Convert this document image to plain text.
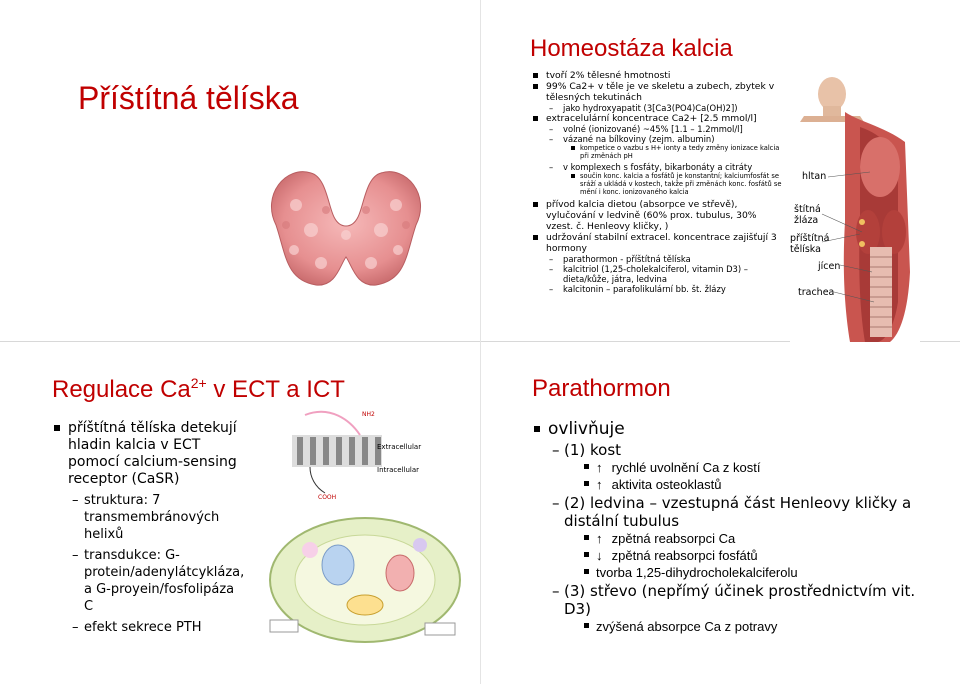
Příštítná tělíska
Homeostáza kalcia
tvoří 2% tělesné hmotnosti
99% Ca2+ v těle je ve skeletu a zubech, zbytek v tělesných tekutinách
– jako hydroxyapatit (3[Ca3(PO4)Ca(OH)2])
extracelulární koncentrace Ca2+ [2.5 mmol/l]
– volné (ionizované) ~45% [1.1 – 1.2mmol/l]
– vázané na bílkoviny (zejm. albumin)
kompetice o vazbu s H+ ionty a tedy změny ionizace kalcia při změnách pH
– v komplexech s fosfáty, bikarbonáty a citráty
součin konc. kalcia a fosfátů je konstantní; kalciumfosfát se sráží a ukládá v kostech, takže při změnách konc. fosfátů se mění i konc. ionizovaného kalcia
přívod kalcia dietou (absorpce ve střevě), vylučování v ledvině (60% prox. tubulus, 30% vzest. č. Henleovy kličky, )
udržování stabilní extracel. koncentrace zajišťují 3 hormony
– parathormon - příštítná tělíska
– kalcitriol (1,25-cholekalciferol, vitamin D3) – dieta/kůže, játra, ledvina
– kalcitonin – parafolikulární bb. št. žlázy
hltan
štítná žláza
příštítná tělíska
jícen
trachea
Regulace $Ca^{2+}$ v ECT a ICT
příštítná tělíska detekují hladin kalcia v ECT pomocí calcium-sensing receptor (CaSR)
– struktura: 7 transmembránových helixů
– transdukce: G-protein/adenylátcykláza, a G-proyein/fosfolipáza C
– efekt sekrece PTH
NH2
Extracellular
Intracellular
COOH
Parathormon
ovlivňuje
– (1) kost
↑ rychlé uvolnění Ca z kostí
↑ aktivita osteoklastů
– (2) ledvina – vzestupná část Henleovy kličky a distální tubulus
↑ zpětná reabsorpci Ca
↓ zpětná reabsorpci fosfátů
tvorba 1,25-dihydrocholekalciferolu
– (3) střevo (nepřímý účinek prostřednictvím vit. D3)
zvýšená absorpce Ca z potravy
